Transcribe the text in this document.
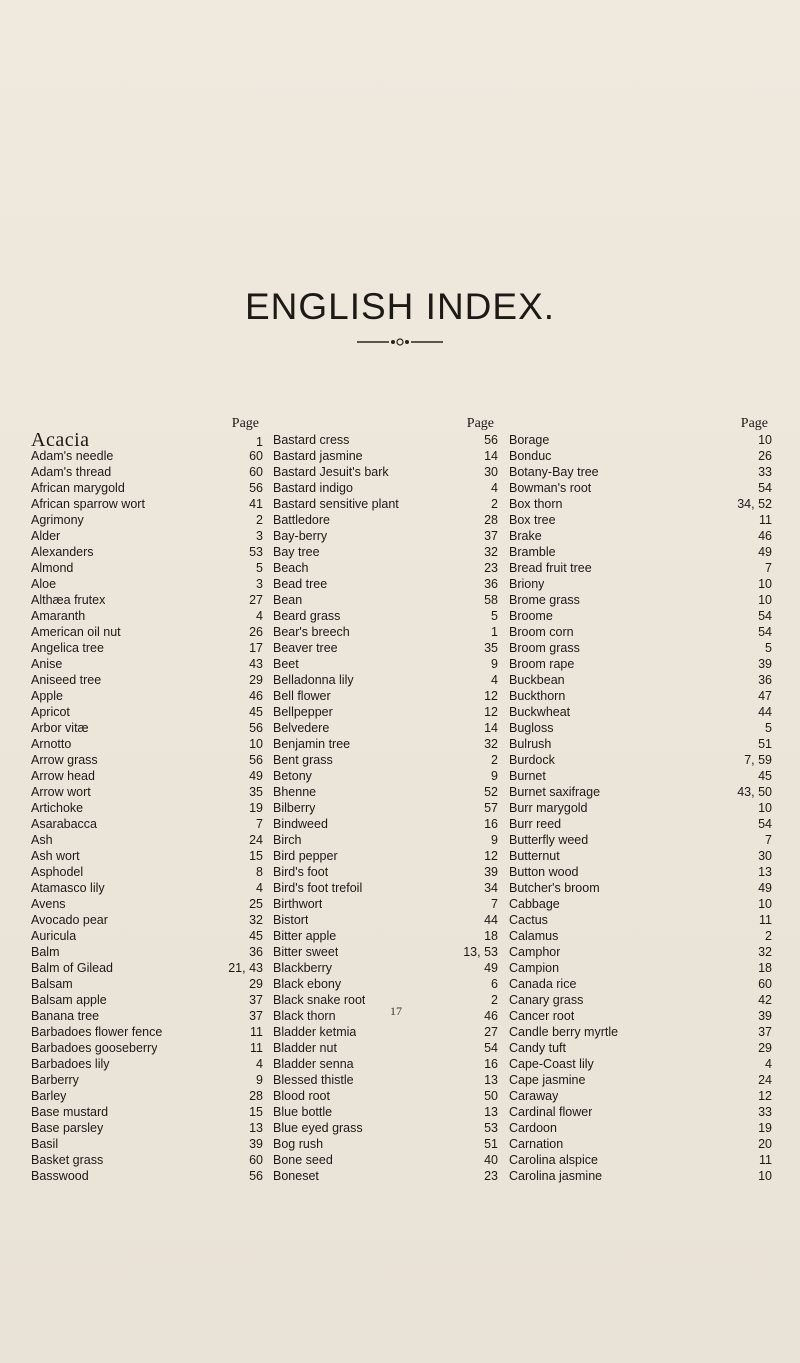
ENGLISH INDEX.
Page
Acacia	1
Adam's needle	60
Adam's thread	60
African marygold	56
African sparrow wort	41
Agrimony	2
Alder	3
Alexanders	53
Almond	5
Aloe	3
Althæa frutex	27
Amaranth	4
American oil nut	26
Angelica tree	17
Anise	43
Aniseed tree	29
Apple	46
Apricot	45
Arbor vitæ	56
Arnotto	10
Arrow grass	56
Arrow head	49
Arrow wort	35
Artichoke	19
Asarabacca	7
Ash	24
Ash wort	15
Asphodel	8
Atamasco lily	4
Avens	25
Avocado pear	32
Auricula	45
Balm	36
Balm of Gilead	21, 43
Balsam	29
Balsam apple	37
Banana tree	37
Barbadoes flower fence	11
Barbadoes gooseberry	11
Barbadoes lily	4
Barberry	9
Barley	28
Base mustard	15
Base parsley	13
Basil	39
Basket grass	60
Basswood	56
Page
Bastard cress	56
Bastard jasmine	14
Bastard Jesuit's bark	30
Bastard indigo	4
Bastard sensitive plant	2
Battledore	28
Bay-berry	37
Bay tree	32
Beach	23
Bead tree	36
Bean	58
Beard grass	5
Bear's breech	1
Beaver tree	35
Beet	9
Belladonna lily	4
Bell flower	12
Bellpepper	12
Belvedere	14
Benjamin tree	32
Bent grass	2
Betony	9
Bhenne	52
Bilberry	57
Bindweed	16
Birch	9
Bird pepper	12
Bird's foot	39
Bird's foot trefoil	34
Birthwort	7
Bistort	44
Bitter apple	18
Bitter sweet	13, 53
Blackberry	49
Black ebony	6
Black snake root	2
Black thorn	46
Bladder ketmia	27
Bladder nut	54
Bladder senna	16
Blessed thistle	13
Blood root	50
Blue bottle	13
Blue eyed grass	53
Bog rush	51
Bone seed	40
Boneset	23
Page
Borage	10
Bonduc	26
Botany-Bay tree	33
Bowman's root	54
Box thorn	34, 52
Box tree	11
Brake	46
Bramble	49
Bread fruit tree	7
Briony	10
Brome grass	10
Broome	54
Broom corn	54
Broom grass	5
Broom rape	39
Buckbean	36
Buckthorn	47
Buckwheat	44
Bugloss	5
Bulrush	51
Burdock	7, 59
Burnet	45
Burnet saxifrage	43, 50
Burr marygold	10
Burr reed	54
Butterfly weed	7
Butternut	30
Button wood	13
Butcher's broom	49
Cabbage	10
Cactus	11
Calamus	2
Camphor	32
Campion	18
Canada rice	60
Canary grass	42
Cancer root	39
Candle berry myrtle	37
Candy tuft	29
Cape-Coast lily	4
Cape jasmine	24
Caraway	12
Cardinal flower	33
Cardoon	19
Carnation	20
Carolina alspice	11
Carolina jasmine	10
17
